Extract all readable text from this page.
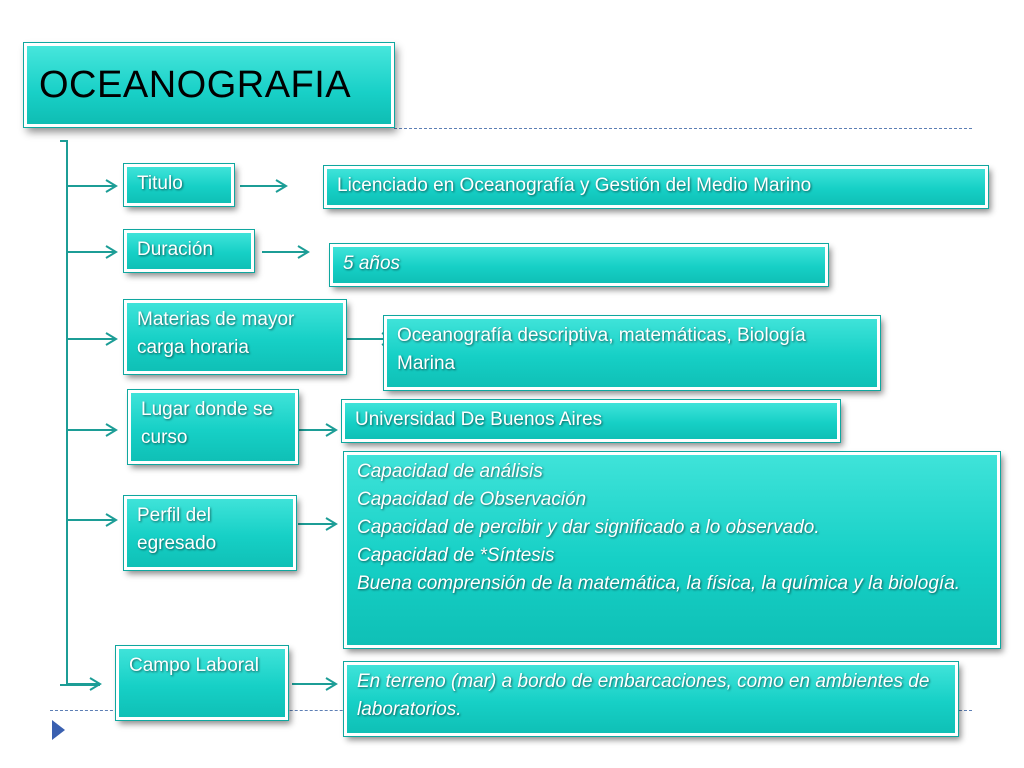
OCEANOGRAFIA
Titulo
Duración
Materias de mayor carga horaria
Lugar donde se curso
Perfil del egresado
Campo Laboral
Licenciado en Oceanografía y Gestión del Medio Marino
5 años
Oceanografía descriptiva, matemáticas, Biología Marina
Universidad De Buenos Aires
Capacidad de análisis
Capacidad de Observación
Capacidad de percibir y dar significado a lo observado.
Capacidad de *Síntesis
Buena comprensión de la matemática, la física, la química y la biología.
En terreno (mar) a bordo de embarcaciones, como en ambientes de laboratorios.
